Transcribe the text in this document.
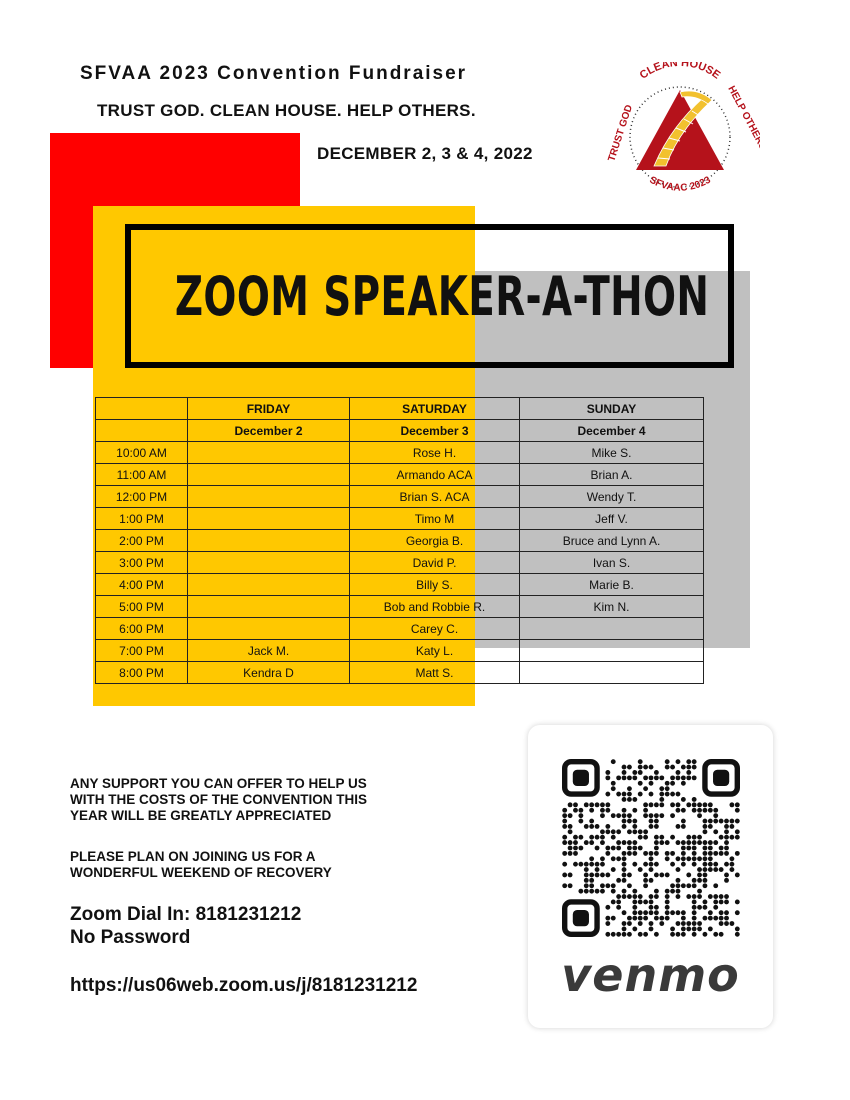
SFVAA 2023 Convention Fundraiser
TRUST GOD. CLEAN HOUSE. HELP OTHERS.
DECEMBER 2, 3 & 4, 2022
CLEAN HOUSE
TRUST GOD
HELP OTHERS
SFVAAC 2023
ZOOM SPEAKER-A-THON
	FRIDAY	SATURDAY	SUNDAY
	December 2	December 3	December 4
10:00 AM		Rose H.	Mike S.
11:00 AM		Armando ACA	Brian A.
12:00 PM		Brian S. ACA	Wendy T.
1:00 PM		Timo M	Jeff V.
2:00 PM		Georgia B.	Bruce and Lynn A.
3:00 PM		David P.	Ivan S.
4:00 PM		Billy S.	Marie B.
5:00 PM		Bob and Robbie R.	Kim N.
6:00 PM		Carey C.	
7:00 PM	Jack M.	Katy L.	
8:00 PM	Kendra D	Matt S.	
ANY SUPPORT YOU CAN OFFER TO HELP US
WITH THE COSTS OF THE CONVENTION THIS
YEAR WILL BE GREATLY APPRECIATED
PLEASE PLAN ON JOINING US FOR A
WONDERFUL WEEKEND OF RECOVERY
Zoom Dial In: 8181231212
No Password
https://us06web.zoom.us/j/8181231212	venmo
